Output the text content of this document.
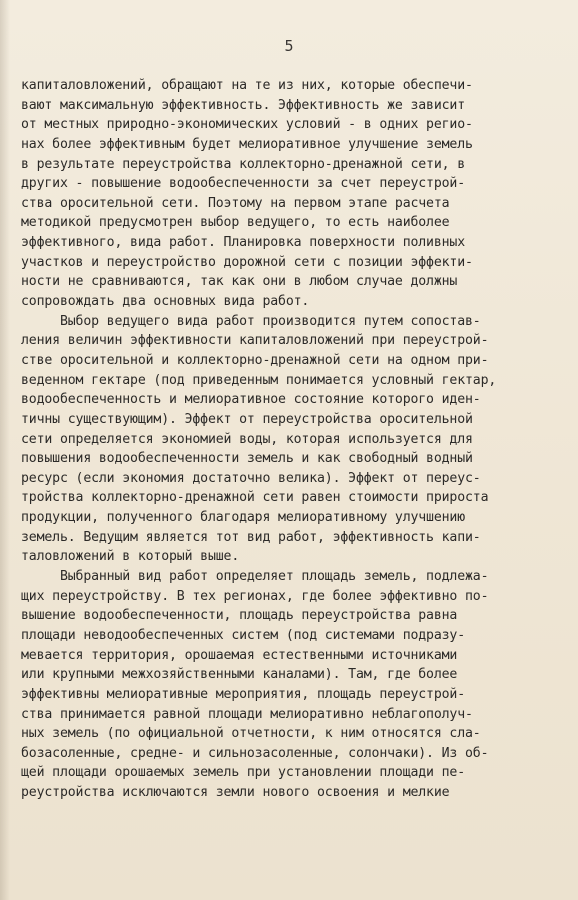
5
капиталовложений, обращают на те из них, которые обеспечи-
вают максимальную эффективность. Эффективность же зависит
от местных природно-экономических условий - в одних регио-
нах более эффективным будет мелиоративное улучшение земель
в результате переустройства коллекторно-дренажной сети, в
других - повышение водообеспеченности за счет переустрой-
ства оросительной сети. Поэтому на первом этапе расчета
методикой предусмотрен выбор ведущего, то есть наиболее
эффективного, вида работ. Планировка поверхности поливных
участков и переустройство дорожной сети с позиции эффекти-
ности не сравниваются, так как они в любом случае должны
сопровождать два основных вида работ.
Выбор ведущего вида работ производится путем сопостав-
ления величин эффективности капиталовложений при переустрой-
стве оросительной и коллекторно-дренажной сети на одном при-
веденном гектаре (под приведенным понимается условный гектар,
водообеспеченность и мелиоративное состояние которого иден-
тичны существующим). Эффект от переустройства оросительной
сети определяется экономией воды, которая используется для
повышения водообеспеченности земель и как свободный водный
ресурс (если экономия достаточно велика). Эффект от переус-
тройства коллекторно-дренажной сети равен стоимости прироста
продукции, полученного благодаря мелиоративному улучшению
земель. Ведущим является тот вид работ, эффективность капи-
таловложений в который выше.
Выбранный вид работ определяет площадь земель, подлежа-
щих переустройству. В тех регионах, где более эффективно по-
вышение водообеспеченности, площадь переустройства равна
площади неводообеспеченных систем (под системами подразу-
мевается территория, орошаемая естественными источниками
или крупными межхозяйственными каналами). Там, где более
эффективны мелиоративные мероприятия, площадь переустрой-
ства принимается равной площади мелиоративно неблагополуч-
ных земель (по официальной отчетности, к ним относятся сла-
бозасоленные, средне- и сильнозасоленные, солончаки). Из об-
щей площади орошаемых земель при установлении площади пе-
реустройства исключаются земли нового освоения и мелкие
